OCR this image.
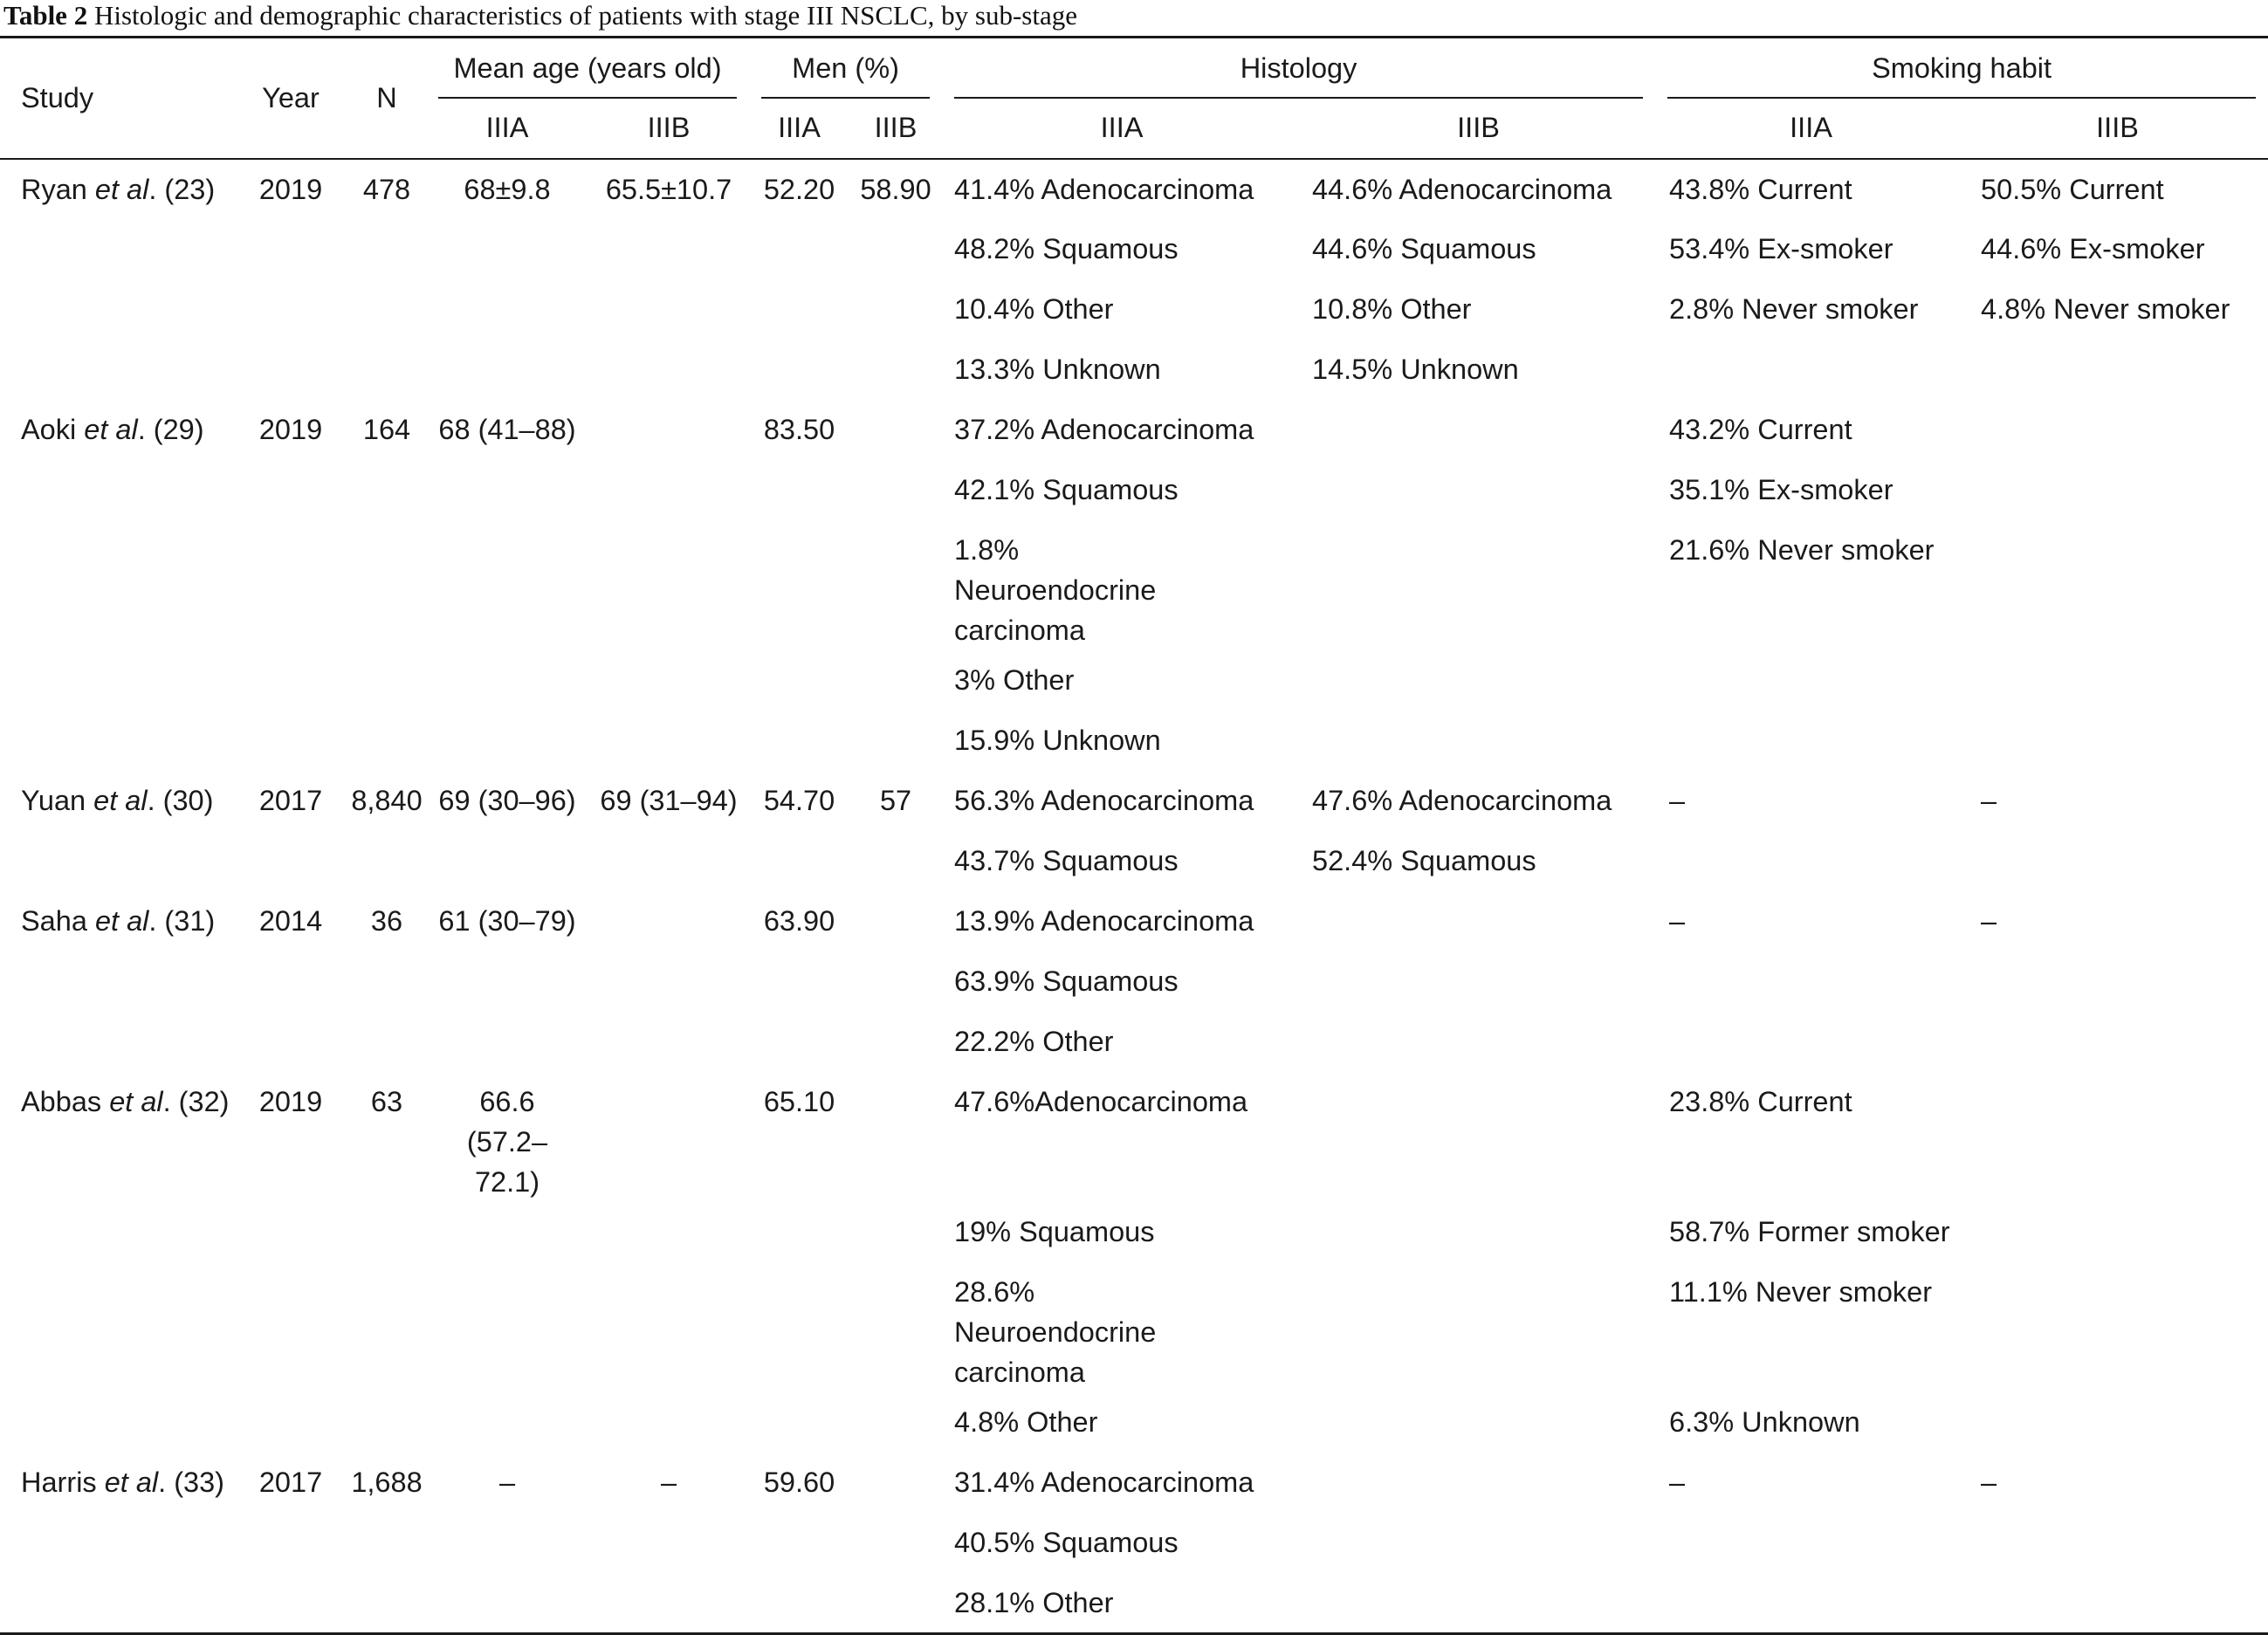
Table 2 Histologic and demographic characteristics of patients with stage III NSCLC, by sub-stage
Study	Year	N	Mean age (years old)		Men (%)		Histology		Smoking habit	
			IIIA	IIIB	IIIA	IIIB	IIIA	IIIB	IIIA	IIIB
Ryan et al. (23)	2019	478	68±9.8	65.5±10.7	52.20	58.90	41.4% Adenocarcinoma	44.6% Adenocarcinoma	43.8% Current	50.5% Current
							48.2% Squamous	44.6% Squamous	53.4% Ex-smoker	44.6% Ex-smoker
							10.4% Other	10.8% Other	2.8% Never smoker	4.8% Never smoker
							13.3% Unknown	14.5% Unknown		
Aoki et al. (29)	2019	164	68 (41–88)		83.50		37.2% Adenocarcinoma		43.2% Current	
							42.1% Squamous		35.1% Ex-smoker	
							1.8% Neuroendocrine carcinoma		21.6% Never smoker	
							3% Other			
							15.9% Unknown			
Yuan et al. (30)	2017	8,840	69 (30–96)	69 (31–94)	54.70	57	56.3% Adenocarcinoma	47.6% Adenocarcinoma	–	–
							43.7% Squamous	52.4% Squamous		
Saha et al. (31)	2014	36	61 (30–79)		63.90		13.9% Adenocarcinoma		–	–
							63.9% Squamous			
							22.2% Other			
Abbas et al. (32)	2019	63	66.6 (57.2–72.1)		65.10		47.6%Adenocarcinoma		23.8% Current	
							19% Squamous		58.7% Former smoker	
							28.6% Neuroendocrine carcinoma		11.1% Never smoker	
							4.8% Other		6.3% Unknown	
Harris et al. (33)	2017	1,688	–	–	59.60		31.4% Adenocarcinoma		–	–
							40.5% Squamous			
							28.1% Other			
